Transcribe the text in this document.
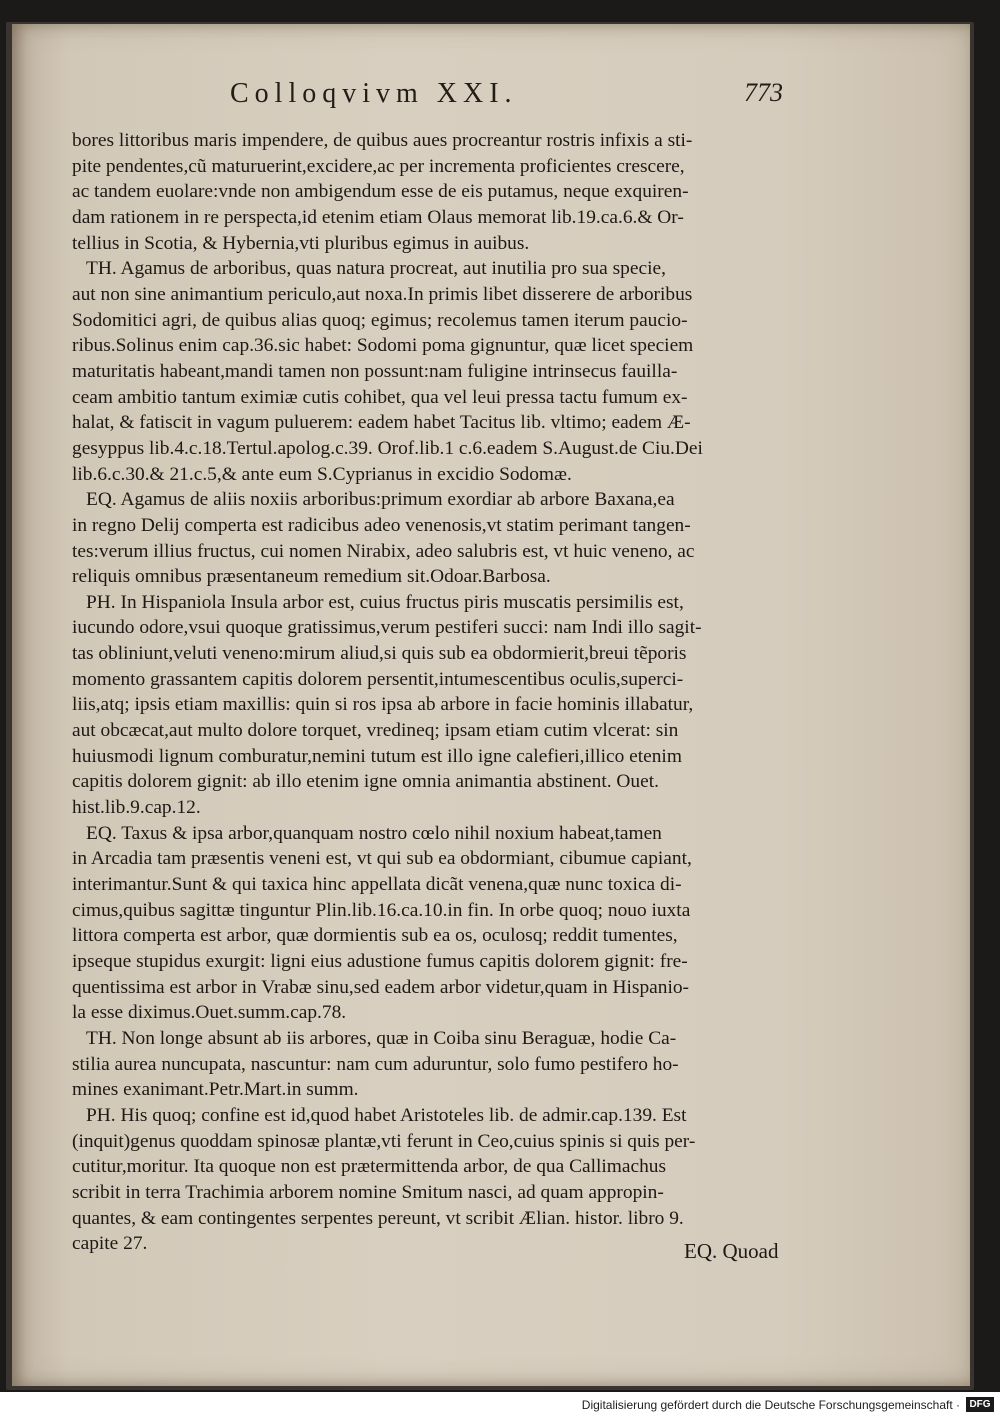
Colloqvivm XXI.	773
bores littoribus maris impendere, de quibus aues procreantur rostris infixis a sti-
pite pendentes,cũ maturuerint,excidere,ac per incrementa proficientes crescere,
ac tandem euolare:vnde non ambigendum esse de eis putamus, neque exquiren-
dam rationem in re perspecta,id etenim etiam Olaus memorat lib.19.ca.6.& Or-
tellius in Scotia, & Hybernia,vti pluribus egimus in auibus.
TH. Agamus de arboribus, quas natura procreat, aut inutilia pro sua specie,
aut non sine animantium periculo,aut noxa.In primis libet disserere de arboribus
Sodomitici agri, de quibus alias quoq; egimus; recolemus tamen iterum paucio-
ribus.Solinus enim cap.36.sic habet: Sodomi poma gignuntur, quæ licet speciem
maturitatis habeant,mandi tamen non possunt:nam fuligine intrinsecus fauilla-
ceam ambitio tantum eximiæ cutis cohibet, qua vel leui pressa tactu fumum ex-
halat, & fatiscit in vagum puluerem: eadem habet Tacitus lib. vltimo; eadem Æ-
gesyppus lib.4.c.18.Tertul.apolog.c.39. Orof.lib.1 c.6.eadem S.August.de Ciu.Dei
lib.6.c.30.& 21.c.5,& ante eum S.Cyprianus in excidio Sodomæ.
EQ. Agamus de aliis noxiis arboribus:primum exordiar ab arbore Baxana,ea
in regno Delij comperta est radicibus adeo venenosis,vt statim perimant tangen-
tes:verum illius fructus, cui nomen Nirabix, adeo salubris est, vt huic veneno, ac
reliquis omnibus præsentaneum remedium sit.Odoar.Barbosa.
PH. In Hispaniola Insula arbor est, cuius fructus piris muscatis persimilis est,
iucundo odore,vsui quoque gratissimus,verum pestiferi succi: nam Indi illo sagit-
tas obliniunt,veluti veneno:mirum aliud,si quis sub ea obdormierit,breui tẽporis
momento grassantem capitis dolorem persentit,intumescentibus oculis,superci-
liis,atq; ipsis etiam maxillis: quin si ros ipsa ab arbore in facie hominis illabatur,
aut obcæcat,aut multo dolore torquet, vredineq; ipsam etiam cutim vlcerat: sin
huiusmodi lignum comburatur,nemini tutum est illo igne calefieri,illico etenim
capitis dolorem gignit: ab illo etenim igne omnia animantia abstinent. Ouet.
hist.lib.9.cap.12.
EQ. Taxus & ipsa arbor,quanquam nostro cœlo nihil noxium habeat,tamen
in Arcadia tam præsentis veneni est, vt qui sub ea obdormiant, cibumue capiant,
interimantur.Sunt & qui taxica hinc appellata dicãt venena,quæ nunc toxica di-
cimus,quibus sagittæ tinguntur Plin.lib.16.ca.10.in fin. In orbe quoq; nouo iuxta
littora comperta est arbor, quæ dormientis sub ea os, oculosq; reddit tumentes,
ipseque stupidus exurgit: ligni eius adustione fumus capitis dolorem gignit: fre-
quentissima est arbor in Vrabæ sinu,sed eadem arbor videtur,quam in Hispanio-
la esse diximus.Ouet.summ.cap.78.
TH. Non longe absunt ab iis arbores, quæ in Coiba sinu Beraguæ, hodie Ca-
stilia aurea nuncupata, nascuntur: nam cum aduruntur, solo fumo pestifero ho-
mines exanimant.Petr.Mart.in summ.
PH. His quoq; confine est id,quod habet Aristoteles lib. de admir.cap.139. Est
(inquit)genus quoddam spinosæ plantæ,vti ferunt in Ceo,cuius spinis si quis per-
cutitur,moritur. Ita quoque non est prætermittenda arbor, de qua Callimachus
scribit in terra Trachimia arborem nomine Smitum nasci, ad quam appropin-
quantes, & eam contingentes serpentes pereunt, vt scribit Ælian. histor. libro 9.
capite 27.	EQ. Quoad
Digitalisierung gefördert durch die Deutsche Forschungsgemeinschaft · DFG
